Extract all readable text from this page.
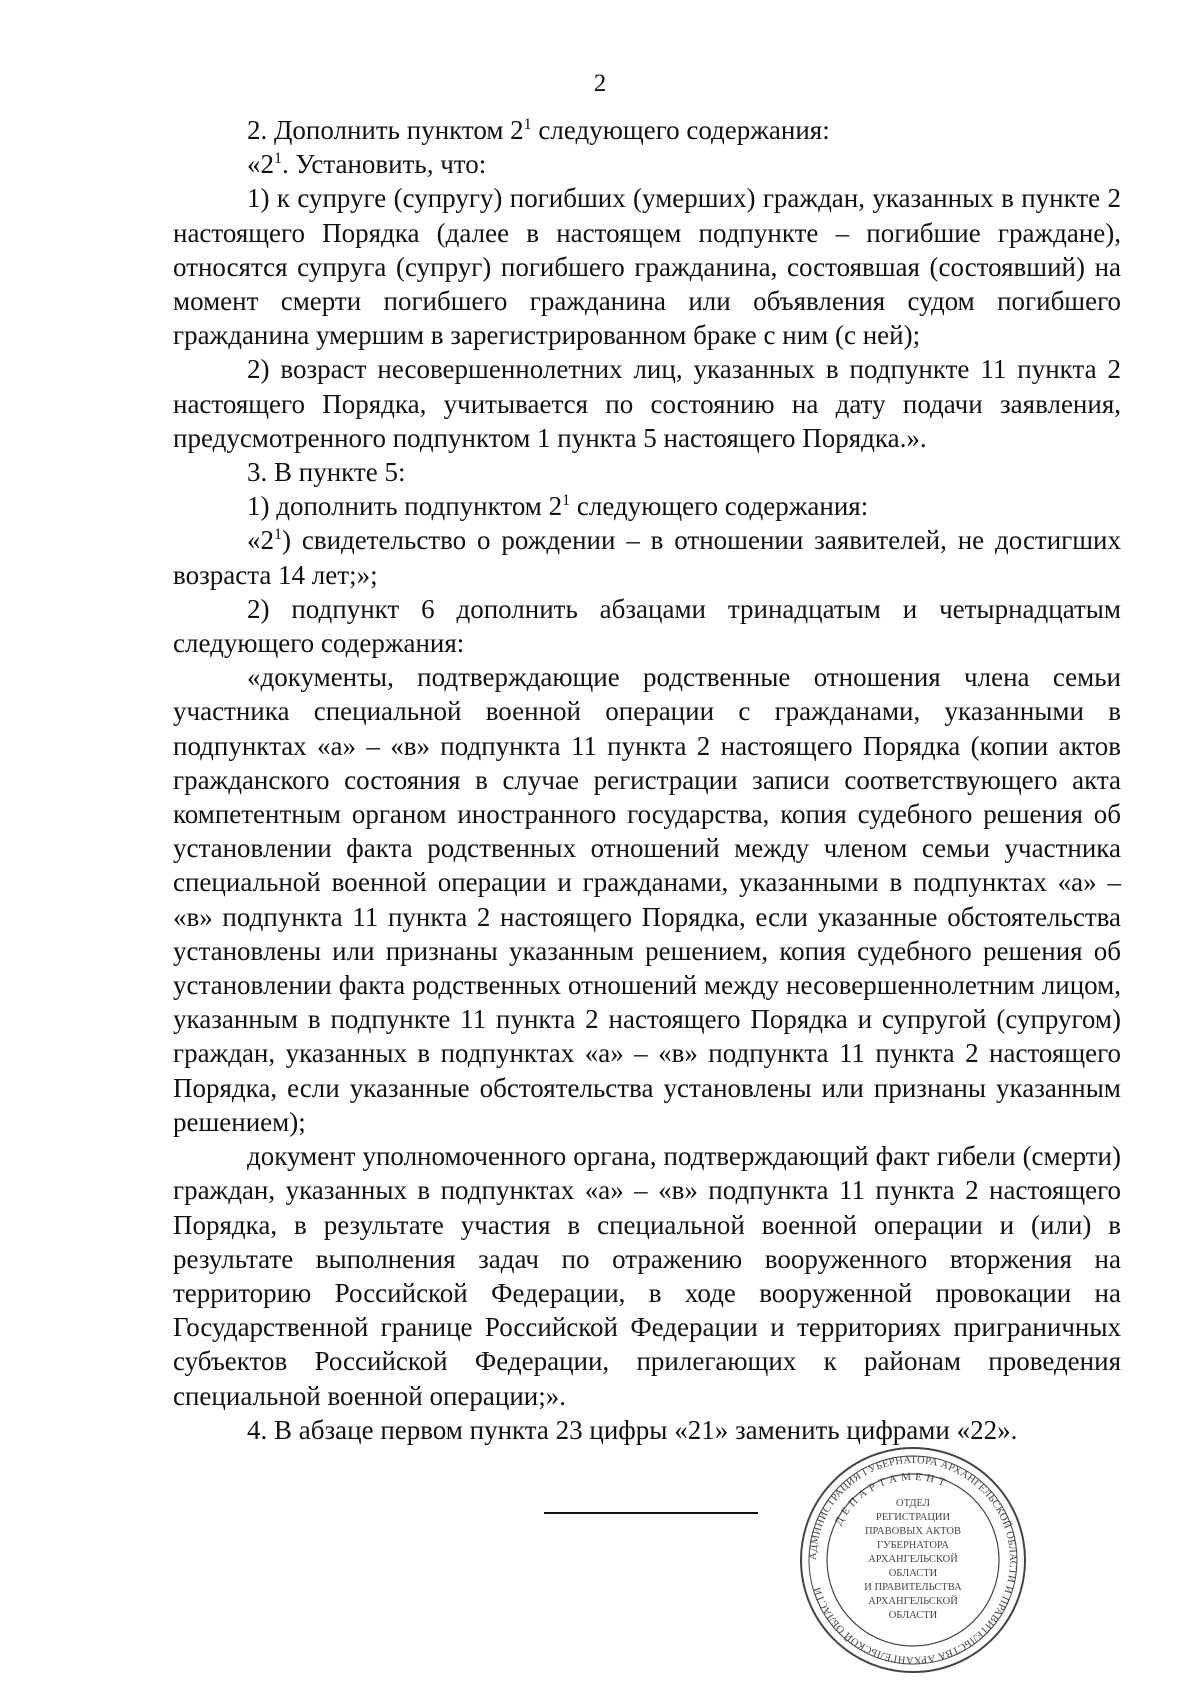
2

2. Дополнить пунктом $2^1$ следующего содержания:

«$2^1$. Установить, что:

1) к супруге (супругу) погибших (умерших) граждан, указанных в пункте 2 настоящего Порядка (далее в настоящем подпункте – погибшие граждане), относятся супруга (супруг) погибшего гражданина, состоявшая (состоявший) на момент смерти погибшего гражданина или объявления судом погибшего гражданина умершим в зарегистрированном браке с ним (с ней);

2) возраст несовершеннолетних лиц, указанных в подпункте 11 пункта 2 настоящего Порядка, учитывается по состоянию на дату подачи заявления, предусмотренного подпунктом 1 пункта 5 настоящего Порядка.».

3. В пункте 5:

1) дополнить подпунктом $2^1$ следующего содержания:

«$2^1$) свидетельство о рождении – в отношении заявителей, не достигших возраста 14 лет;»;

2) подпункт 6 дополнить абзацами тринадцатым и четырнадцатым следующего содержания:

«документы, подтверждающие родственные отношения члена семьи участника специальной военной операции с гражданами, указанными в подпунктах «а» – «в» подпункта 11 пункта 2 настоящего Порядка (копии актов гражданского состояния в случае регистрации записи соответствующего акта компетентным органом иностранного государства, копия судебного решения об установлении факта родственных отношений между членом семьи участника специальной военной операции и гражданами, указанными в подпунктах «а» – «в» подпункта 11 пункта 2 настоящего Порядка, если указанные обстоятельства установлены или признаны указанным решением, копия судебного решения об установлении факта родственных отношений между несовершеннолетним лицом, указанным в подпункте 11 пункта 2 настоящего Порядка и супругой (супругом) граждан, указанных в подпунктах «а» – «в» подпункта 11 пункта 2 настоящего Порядка, если указанные обстоятельства установлены или признаны указанным решением);

документ уполномоченного органа, подтверждающий факт гибели (смерти) граждан, указанных в подпунктах «а» – «в» подпункта 11 пункта 2 настоящего Порядка, в результате участия в специальной военной операции и (или) в результате выполнения задач по отражению вооруженного вторжения на территорию Российской Федерации, в ходе вооруженной провокации на Государственной границе Российской Федерации и территориях приграничных субъектов Российской Федерации, прилегающих к районам проведения специальной военной операции;».

4. В абзаце первом пункта 23 цифры «21» заменить цифрами «22».

АДМИНИСТРАЦИЯ ГУБЕРНАТОРА АРХАНГЕЛЬСКОЙ ОБЛАСТИ И ПРАВИТЕЛЬСТВА АРХАНГЕЛЬСКОЙ ОБЛАСТИ
ДЕПАРТАМЕНТ
ОТДЕЛ
РЕГИСТРАЦИИ
ПРАВОВЫХ АКТОВ
ГУБЕРНАТОРА
АРХАНГЕЛЬСКОЙ
ОБЛАСТИ
И ПРАВИТЕЛЬСТВА
АРХАНГЕЛЬСКОЙ
ОБЛАСТИ
